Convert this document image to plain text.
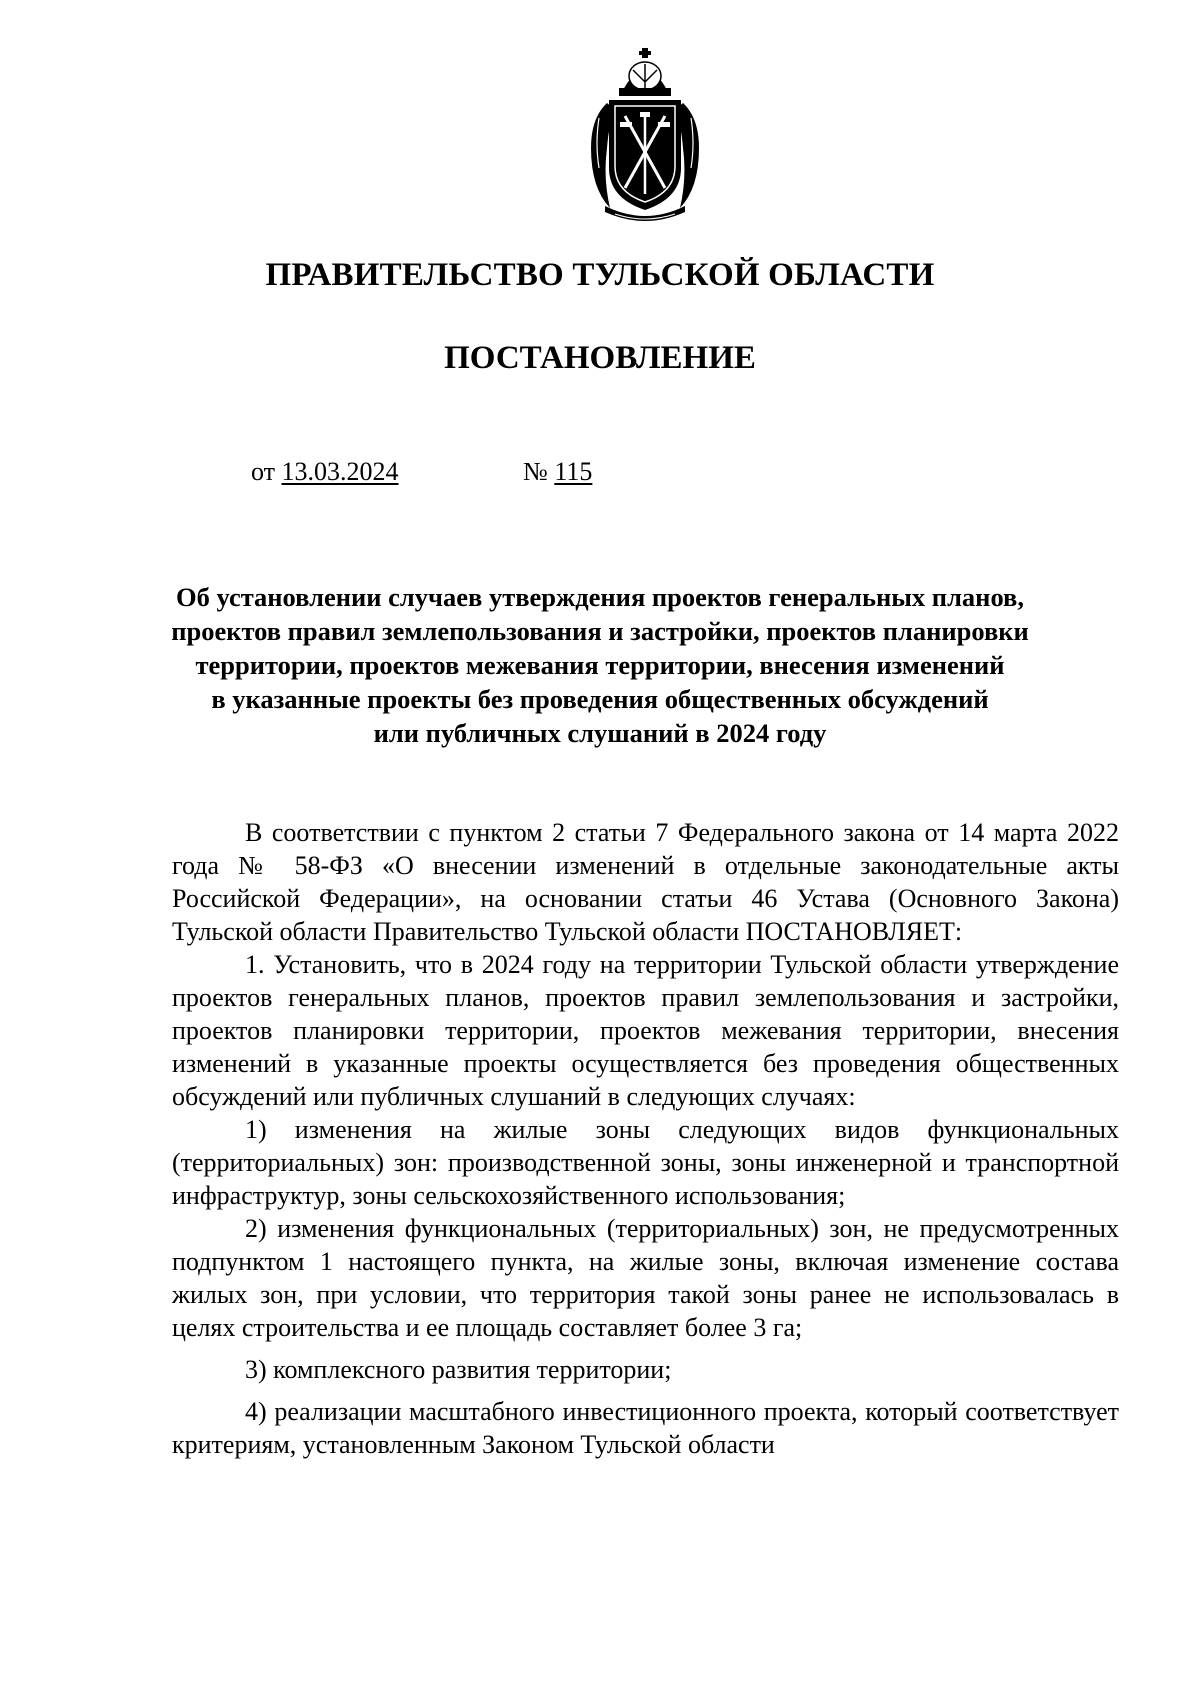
ПРАВИТЕЛЬСТВО ТУЛЬСКОЙ ОБЛАСТИ
ПОСТАНОВЛЕНИЕ
от 13.03.2024	№ 115
Об установлении случаев утверждения проектов генеральных планов,
проектов правил землепользования и застройки, проектов планировки
территории, проектов межевания территории, внесения изменений
в указанные проекты без проведения общественных обсуждений
или публичных слушаний в 2024 году

В соответствии с пунктом 2 статьи 7 Федерального закона от 14 марта 2022 года № 58-ФЗ «О внесении изменений в отдельные законодательные акты Российской Федерации», на основании статьи 46 Устава (Основного Закона) Тульской области Правительство Тульской области ПОСТАНОВЛЯЕТ:

1. Установить, что в 2024 году на территории Тульской области утверждение проектов генеральных планов, проектов правил землепользования и застройки, проектов планировки территории, проектов межевания территории, внесения изменений в указанные проекты осуществляется без проведения общественных обсуждений или публичных слушаний в следующих случаях:

1) изменения на жилые зоны следующих видов функциональных (территориальных) зон: производственной зоны, зоны инженерной и транспортной инфраструктур, зоны сельскохозяйственного использования;

2) изменения функциональных (территориальных) зон, не предусмотренных подпунктом 1 настоящего пункта, на жилые зоны, включая изменение состава жилых зон, при условии, что территория такой зоны ранее не использовалась в целях строительства и ее площадь составляет более 3 га;

3) комплексного развития территории;

4) реализации масштабного инвестиционного проекта, который соответствует критериям, установленным Законом Тульской области
